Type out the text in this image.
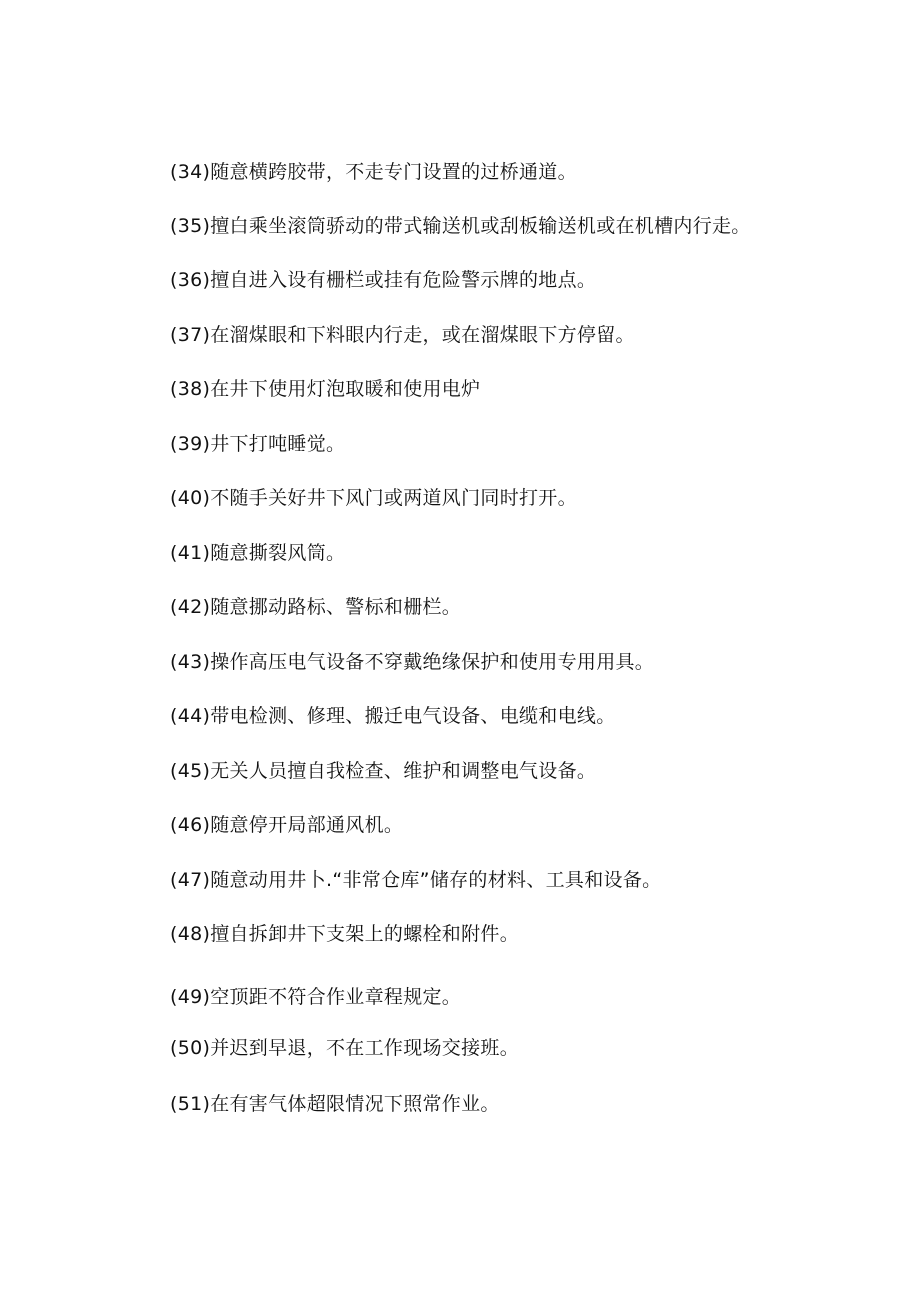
(34)随意横跨胶带，不走专门设置的过桥通道。
(35)擅白乘坐滚筒骄动的带式输送机或刮板输送机或在机槽内行走。
(36)擅自进入设有栅栏或挂有危险警示牌的地点。
(37)在溜煤眼和下料眼内行走，或在溜煤眼下方停留。
(38)在井下使用灯泡取暖和使用电炉
(39)井下打吨睡觉。
(40)不随手关好井下风门或两道风门同时打开。
(41)随意撕裂风筒。
(42)随意挪动路标、警标和栅栏。
(43)操作高压电气设备不穿戴绝缘保护和使用专用用具。
(44)带电检测、修理、搬迁电气设备、电缆和电线。
(45)无关人员擅自我检查、维护和调整电气设备。
(46)随意停开局部通风机。
(47)随意动用井卜.“非常仓库”储存的材料、工具和设备。
(48)擅自拆卸井下支架上的螺栓和附件。
(49)空顶距不符合作业章程规定。
(50)并迟到早退，不在工作现场交接班。
(51)在有害气体超限情况下照常作业。
